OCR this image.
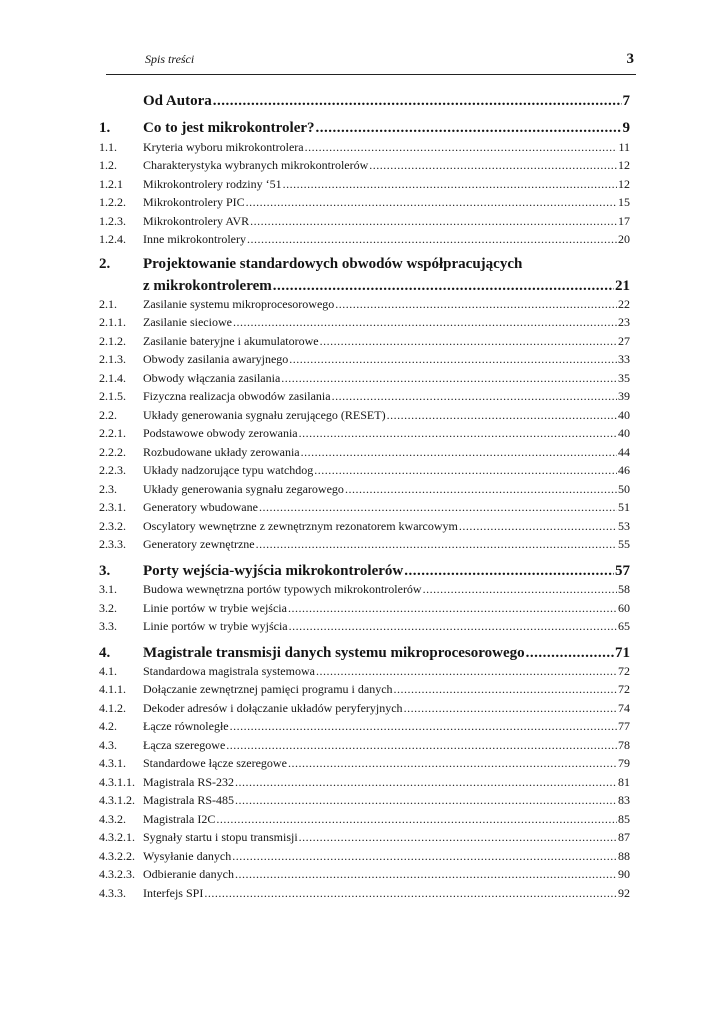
Spis treści	3
Od Autora .....	7
1. Co to jest mikrokontroler? .....	9
1.1. Kryteria wyboru mikrokontrolera .....	11
1.2. Charakterystyka wybranych mikrokontrolerów .....	12
1.2.1 Mikrokontrolery rodziny ‘51 .....	12
1.2.2. Mikrokontrolery PIC .....	15
1.2.3. Mikrokontrolery AVR .....	17
1.2.4. Inne mikrokontrolery .....	20
2. Projektowanie standardowych obwodów współpracujących
z mikrokontrolerem .....	21
2.1. Zasilanie systemu mikroprocesorowego .....	22
2.1.1. Zasilanie sieciowe .....	23
2.1.2. Zasilanie bateryjne i akumulatorowe .....	27
2.1.3. Obwody zasilania awaryjnego .....	33
2.1.4. Obwody włączania zasilania .....	35
2.1.5. Fizyczna realizacja obwodów zasilania .....	39
2.2. Układy generowania sygnału zerującego (RESET) .....	40
2.2.1. Podstawowe obwody zerowania .....	40
2.2.2. Rozbudowane układy zerowania .....	44
2.2.3. Układy nadzorujące typu watchdog .....	46
2.3. Układy generowania sygnału zegarowego .....	50
2.3.1. Generatory wbudowane .....	51
2.3.2. Oscylatory wewnętrzne z zewnętrznym rezonatorem kwarcowym .....	53
2.3.3. Generatory zewnętrzne .....	55
3. Porty wejścia-wyjścia mikrokontrolerów .....	57
3.1. Budowa wewnętrzna portów typowych mikrokontrolerów .....	58
3.2. Linie portów w trybie wejścia .....	60
3.3. Linie portów w trybie wyjścia .....	65
4. Magistrale transmisji danych systemu mikroprocesorowego .....	71
4.1. Standardowa magistrala systemowa .....	72
4.1.1. Dołączanie zewnętrznej pamięci programu i danych .....	72
4.1.2. Dekoder adresów i dołączanie układów peryferyjnych .....	74
4.2. Łącze równoległe .....	77
4.3. Łącza szeregowe .....	78
4.3.1. Standardowe łącze szeregowe .....	79
4.3.1.1. Magistrala RS-232 .....	81
4.3.1.2. Magistrala RS-485 .....	83
4.3.2. Magistrala I2C .....	85
4.3.2.1. Sygnały startu i stopu transmisji .....	87
4.3.2.2. Wysyłanie danych .....	88
4.3.2.3. Odbieranie danych .....	90
4.3.3. Interfejs SPI .....	92
